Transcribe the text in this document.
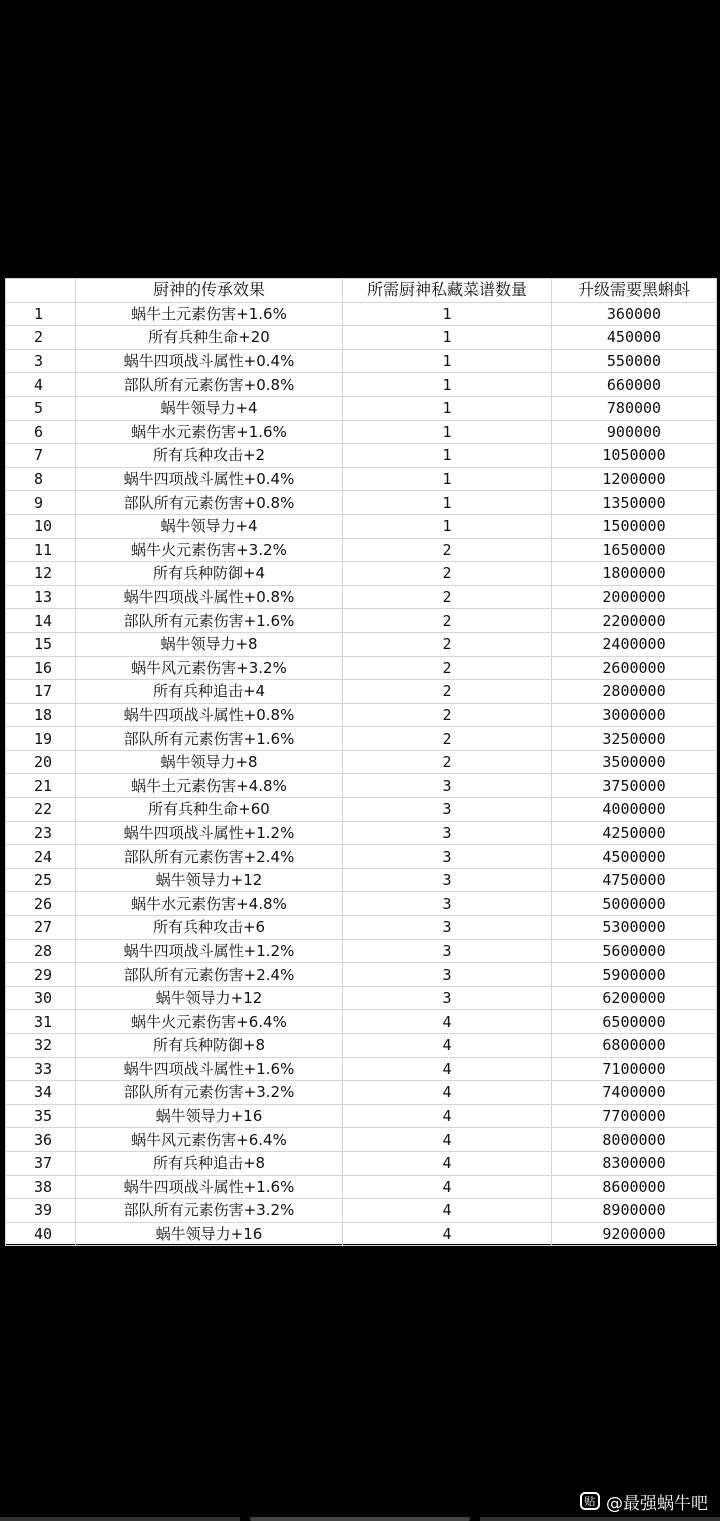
	厨神的传承效果	所需厨神私藏菜谱数量	升级需要黑蝌蚪
1	蜗牛土元素伤害+1.6%	1	360000
2	所有兵种生命+20	1	450000
3	蜗牛四项战斗属性+0.4%	1	550000
4	部队所有元素伤害+0.8%	1	660000
5	蜗牛领导力+4	1	780000
6	蜗牛水元素伤害+1.6%	1	900000
7	所有兵种攻击+2	1	1050000
8	蜗牛四项战斗属性+0.4%	1	1200000
9	部队所有元素伤害+0.8%	1	1350000
10	蜗牛领导力+4	1	1500000
11	蜗牛火元素伤害+3.2%	2	1650000
12	所有兵种防御+4	2	1800000
13	蜗牛四项战斗属性+0.8%	2	2000000
14	部队所有元素伤害+1.6%	2	2200000
15	蜗牛领导力+8	2	2400000
16	蜗牛风元素伤害+3.2%	2	2600000
17	所有兵种追击+4	2	2800000
18	蜗牛四项战斗属性+0.8%	2	3000000
19	部队所有元素伤害+1.6%	2	3250000
20	蜗牛领导力+8	2	3500000
21	蜗牛土元素伤害+4.8%	3	3750000
22	所有兵种生命+60	3	4000000
23	蜗牛四项战斗属性+1.2%	3	4250000
24	部队所有元素伤害+2.4%	3	4500000
25	蜗牛领导力+12	3	4750000
26	蜗牛水元素伤害+4.8%	3	5000000
27	所有兵种攻击+6	3	5300000
28	蜗牛四项战斗属性+1.2%	3	5600000
29	部队所有元素伤害+2.4%	3	5900000
30	蜗牛领导力+12	3	6200000
31	蜗牛火元素伤害+6.4%	4	6500000
32	所有兵种防御+8	4	6800000
33	蜗牛四项战斗属性+1.6%	4	7100000
34	部队所有元素伤害+3.2%	4	7400000
35	蜗牛领导力+16	4	7700000
36	蜗牛风元素伤害+6.4%	4	8000000
37	所有兵种追击+8	4	8300000
38	蜗牛四项战斗属性+1.6%	4	8600000
39	部队所有元素伤害+3.2%	4	8900000
40	蜗牛领导力+16	4	9200000
贴 @最强蜗牛吧
